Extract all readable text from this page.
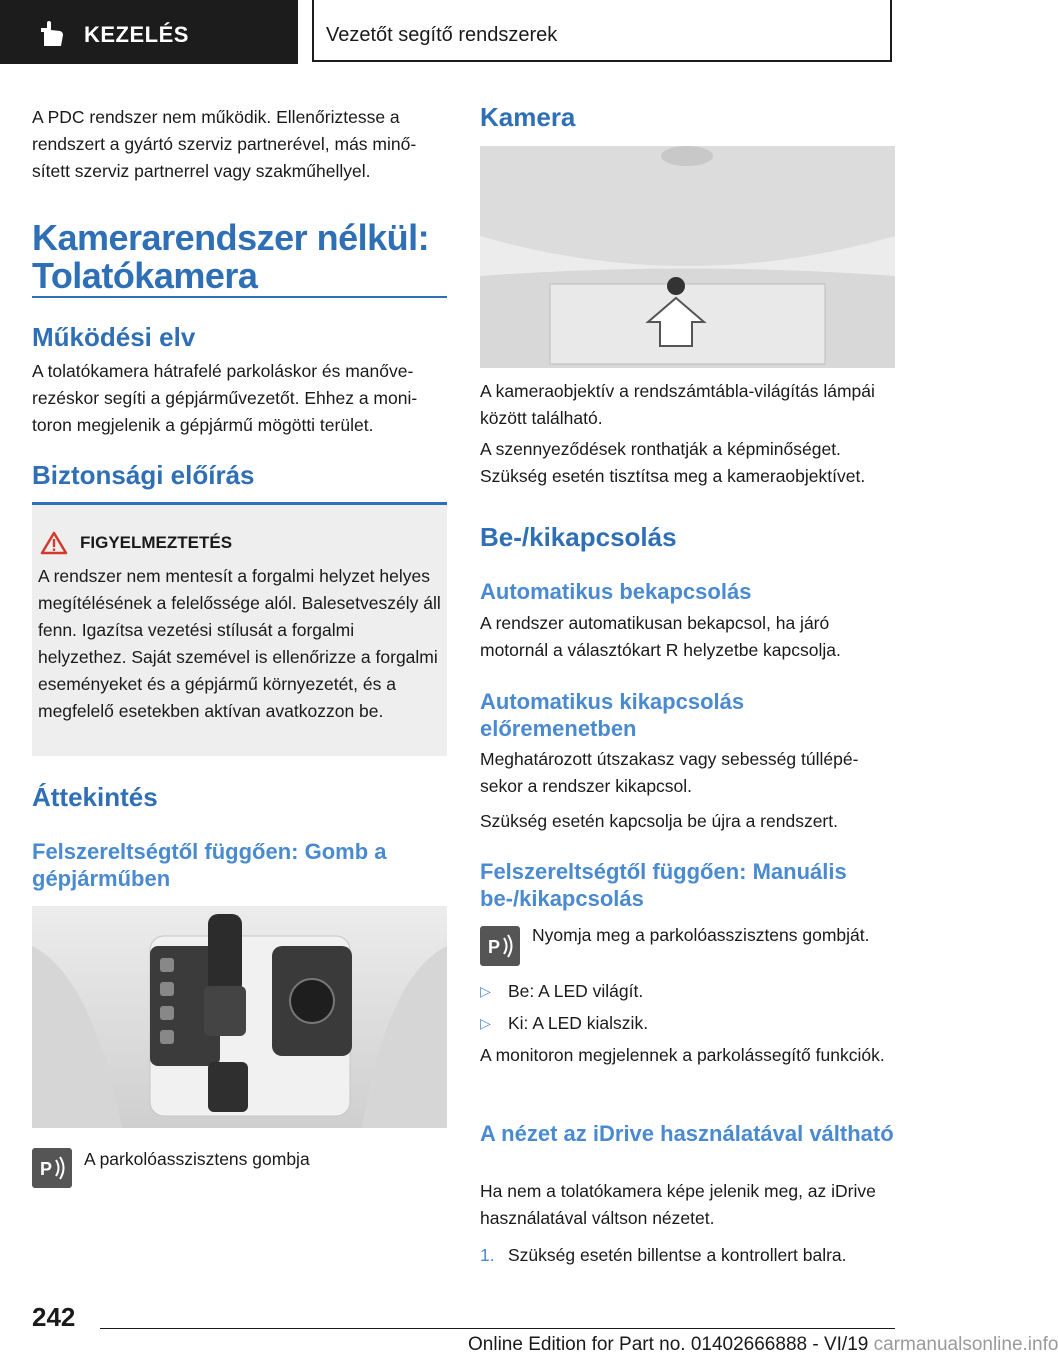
KEZELÉS	Vezetőt segítő rendszerek

A PDC rendszer nem működik. Ellenőriztesse a rendszert a gyártó szerviz partnerével, más minősített szerviz partnerrel vagy szakműhellyel.

Kamerarendszer nélkül:
Tolatókamera
Működési elv

A tolatókamera hátrafelé parkoláskor és manőverezéskor segíti a gépjárművezetőt. Ehhez a monitoron megjelenik a gépjármű mögötti terület.

Biztonsági előírás
FIGYELMEZTETÉS

A rendszer nem mentesít a forgalmi helyzet helyes megítélésének a felelőssége alól. Balesetveszély áll fenn. Igazítsa vezetési stílusát a forgalmi helyzethez. Saját szemével is ellenőrizze a forgalmi eseményeket és a gépjármű környezetét, és a megfelelő esetekben aktívan avatkozzon be.

Áttekintés
Felszereltségtől függően: Gomb a gépjárműben
P A parkolóasszisztens gombja

Kamera

A kameraobjektív a rendszámtábla-világítás lámpái között található.

A szennyeződések ronthatják a képminőséget. Szükség esetén tisztítsa meg a kameraobjektívet.

Be-/kikapcsolás
Automatikus bekapcsolás

A rendszer automatikusan bekapcsol, ha járó motornál a választókart R helyzetbe kapcsolja.

Automatikus kikapcsolás előremenetben

Meghatározott útszakasz vagy sebesség túllépésekor a rendszer kikapcsol.

Szükség esetén kapcsolja be újra a rendszert.

Felszereltségtől függően: Manuális be-/kikapcsolás
P

Nyomja meg a parkolóasszisztens gombját.

▷ Be: A LED világít.
▷ Ki: A LED kialszik.

A monitoron megjelennek a parkolássegítő funkciók.

A nézet az iDrive használatával váltható

Ha nem a tolatókamera képe jelenik meg, az iDrive használatával váltson nézetet.

1. Szükség esetén billentse a kontrollert balra.
242
Online Edition for Part no. 01402666888 - VI/19 carmanualsonline.info
